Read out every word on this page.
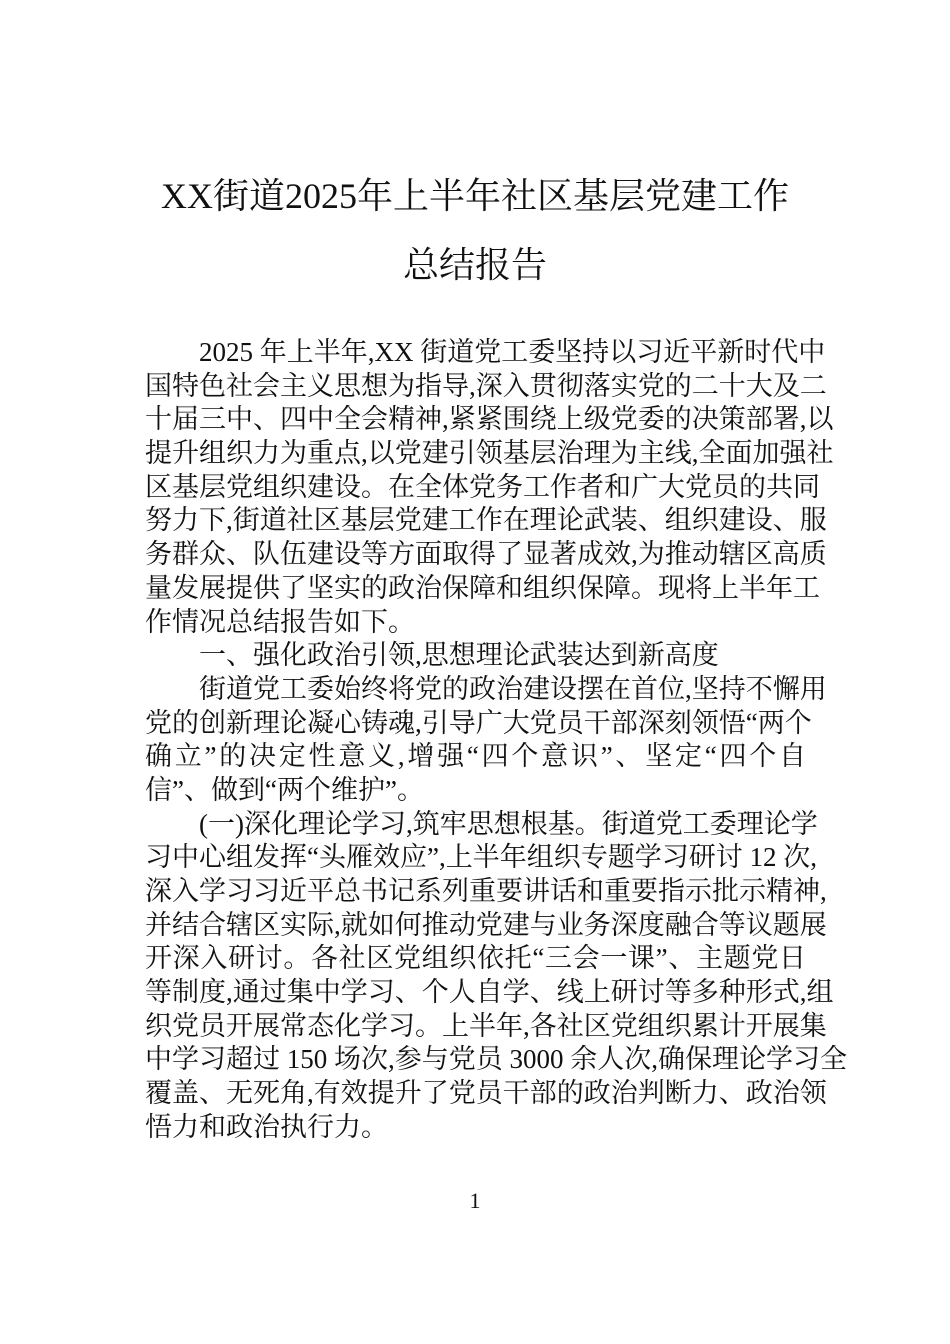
XX街道2025年上半年社区基层党建工作
总结报告
2025 年上半年,XX 街道党工委坚持以习近平新时代中
国特色社会主义思想为指导,深入贯彻落实党的二十大及二
十届三中、四中全会精神,紧紧围绕上级党委的决策部署,以
提升组织力为重点,以党建引领基层治理为主线,全面加强社
区基层党组织建设。在全体党务工作者和广大党员的共同
努力下,街道社区基层党建工作在理论武装、组织建设、服
务群众、队伍建设等方面取得了显著成效,为推动辖区高质
量发展提供了坚实的政治保障和组织保障。现将上半年工
作情况总结报告如下。
一、强化政治引领,思想理论武装达到新高度
街道党工委始终将党的政治建设摆在首位,坚持不懈用
党的创新理论凝心铸魂,引导广大党员干部深刻领悟“两个
确立”的决定性意义,增强“四个意识”、坚定“四个自
信”、做到“两个维护”。
(一)深化理论学习,筑牢思想根基。街道党工委理论学
习中心组发挥“头雁效应”,上半年组织专题学习研讨 12 次,
深入学习习近平总书记系列重要讲话和重要指示批示精神,
并结合辖区实际,就如何推动党建与业务深度融合等议题展
开深入研讨。各社区党组织依托“三会一课”、主题党日
等制度,通过集中学习、个人自学、线上研讨等多种形式,组
织党员开展常态化学习。上半年,各社区党组织累计开展集
中学习超过 150 场次,参与党员 3000 余人次,确保理论学习全
覆盖、无死角,有效提升了党员干部的政治判断力、政治领
悟力和政治执行力。
1
